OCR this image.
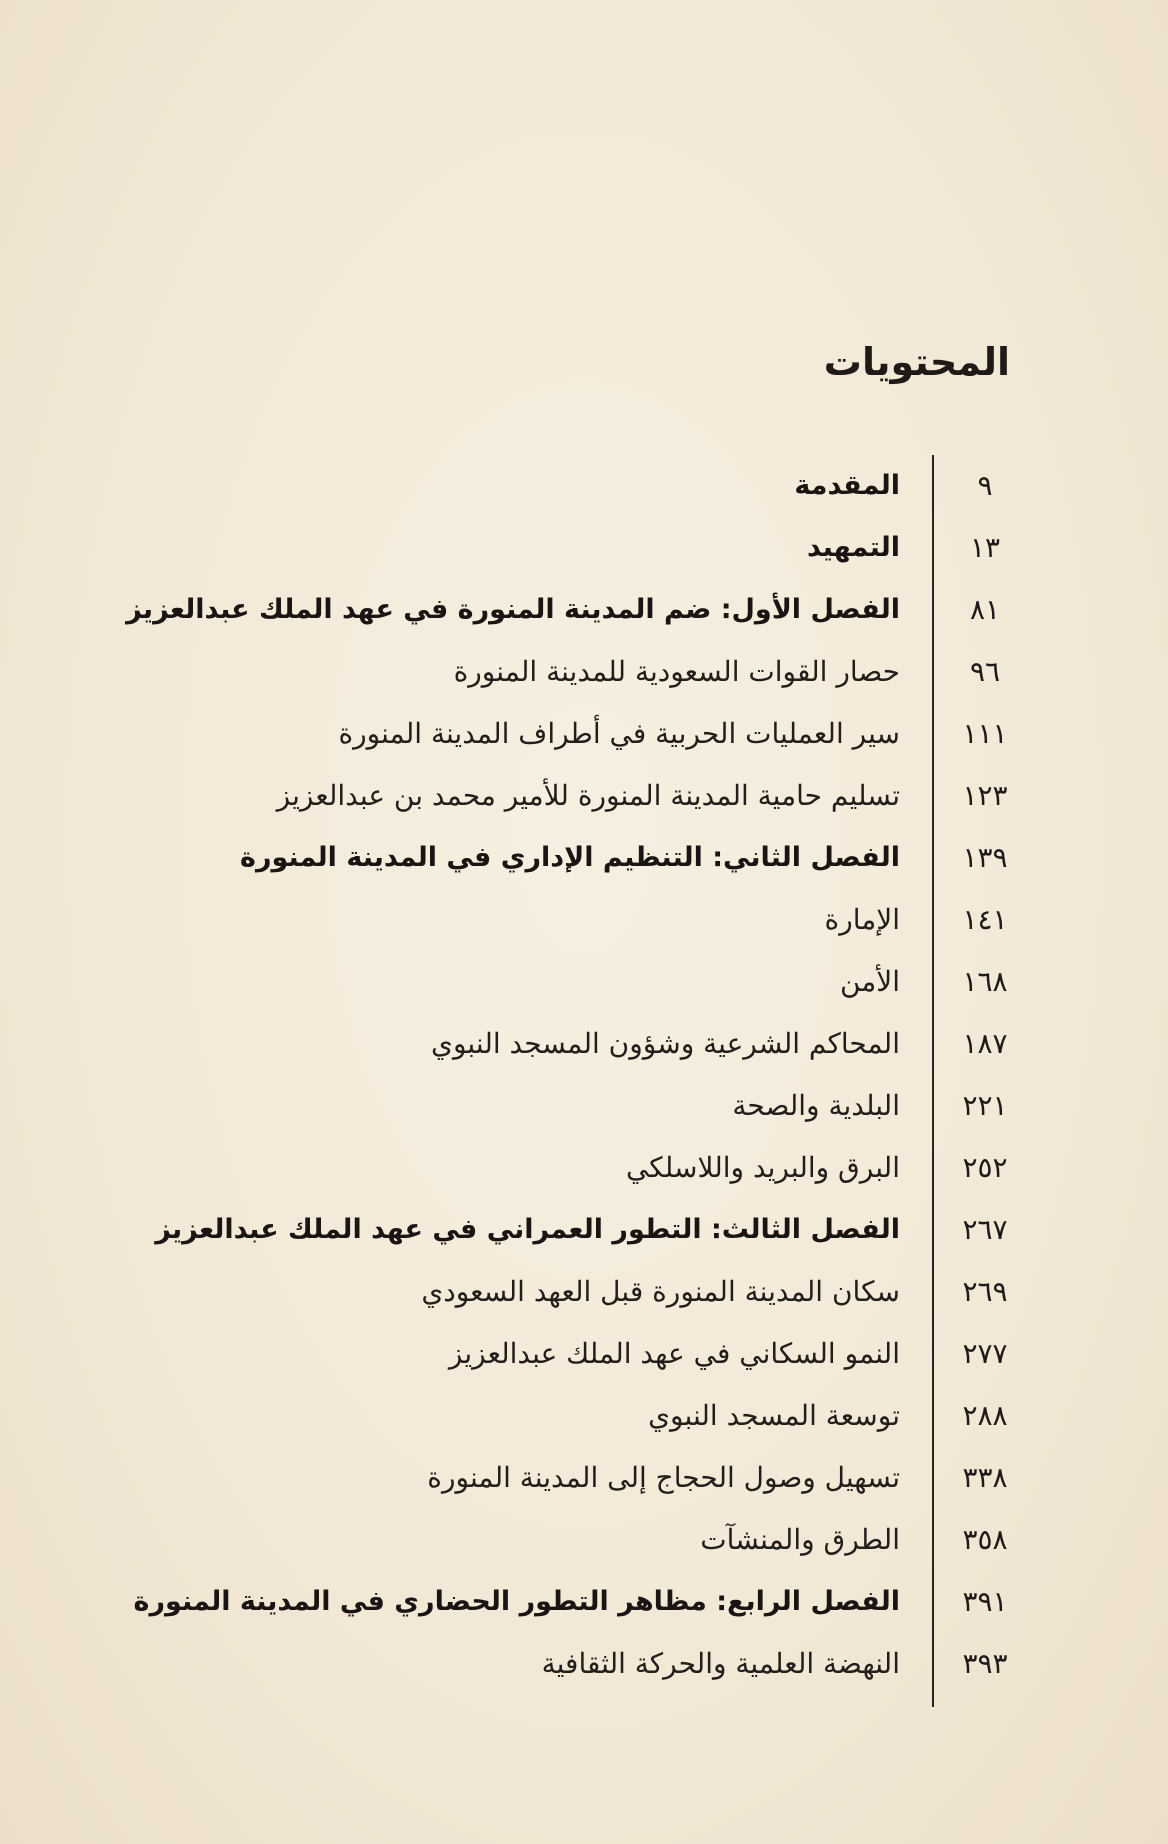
المحتويات
٩
المقدمة
١٣
التمهيد
٨١
الفصل الأول: ضم المدينة المنورة في عهد الملك عبدالعزيز
٩٦
حصار القوات السعودية للمدينة المنورة
١١١
سير العمليات الحربية في أطراف المدينة المنورة
١٢٣
تسليم حامية المدينة المنورة للأمير محمد بن عبدالعزيز
١٣٩
الفصل الثاني: التنظيم الإداري في المدينة المنورة
١٤١
الإمارة
١٦٨
الأمن
١٨٧
المحاكم الشرعية وشؤون المسجد النبوي
٢٢١
البلدية والصحة
٢٥٢
البرق والبريد واللاسلكي
٢٦٧
الفصل الثالث: التطور العمراني في عهد الملك عبدالعزيز
٢٦٩
سكان المدينة المنورة قبل العهد السعودي
٢٧٧
النمو السكاني في عهد الملك عبدالعزيز
٢٨٨
توسعة المسجد النبوي
٣٣٨
تسهيل وصول الحجاج إلى المدينة المنورة
٣٥٨
الطرق والمنشآت
٣٩١
الفصل الرابع: مظاهر التطور الحضاري في المدينة المنورة
٣٩٣
النهضة العلمية والحركة الثقافية
